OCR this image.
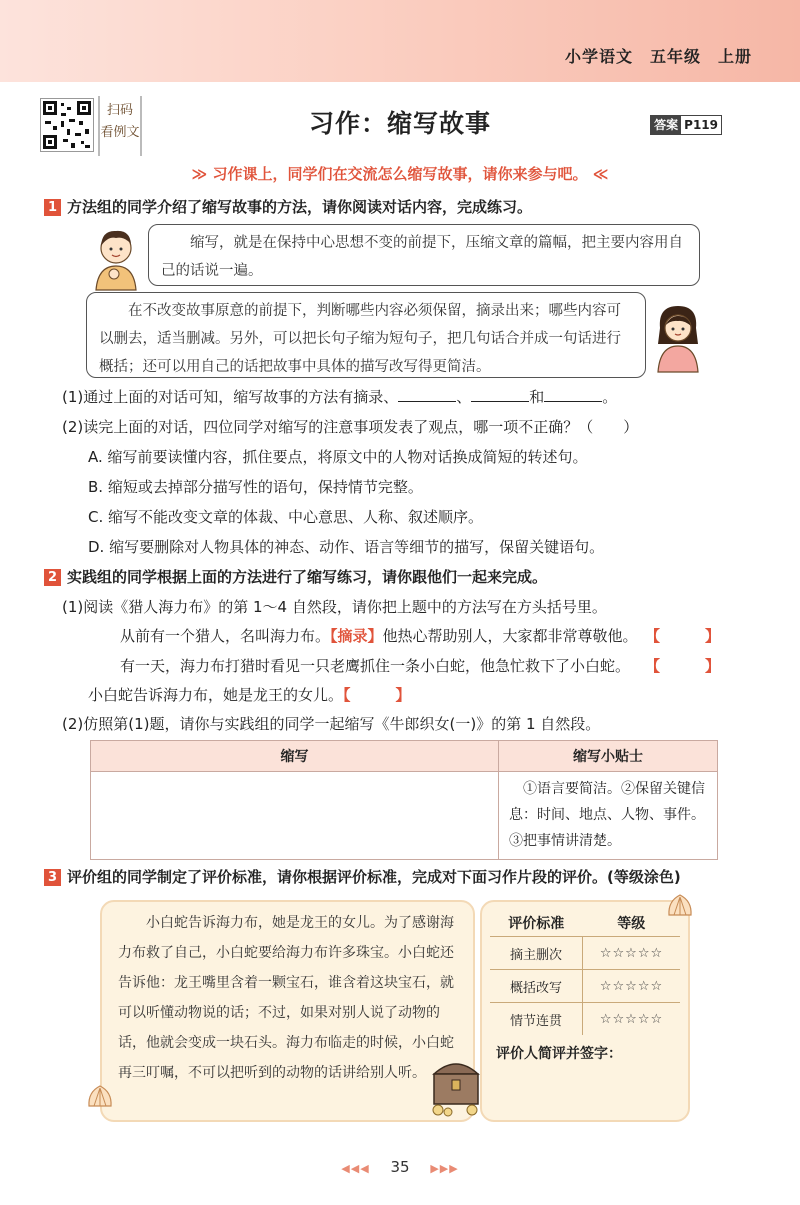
小学语文　五年级　上册
扫码
看例文	习作：缩写故事	答案 P119
≫ 习作课上，同学们在交流怎么缩写故事，请你来参与吧。 ≪
1 方法组的同学介绍了缩写故事的方法，请你阅读对话内容，完成练习。
　　缩写，就是在保持中心思想不变的前提下，压缩文章的篇幅，把主要内容用自己的话说一遍。
　　在不改变故事原意的前提下，判断哪些内容必须保留，摘录出来；哪些内容可以删去，适当删减。另外，可以把长句子缩为短句子，把几句话合并成一句话进行概括；还可以用自己的话把故事中具体的描写改写得更简洁。
(1)通过上面的对话可知，缩写故事的方法有摘录、	、	和	。
(2)读完上面的对话，四位同学对缩写的注意事项发表了观点，哪一项不正确？（　　）
A. 缩写前要读懂内容，抓住要点，将原文中的人物对话换成简短的转述句。
B. 缩短或去掉部分描写性的语句，保持情节完整。
C. 缩写不能改变文章的体裁、中心意思、人称、叙述顺序。
D. 缩写要删除对人物具体的神态、动作、语言等细节的描写，保留关键语句。
2 实践组的同学根据上面的方法进行了缩写练习，请你跟他们一起来完成。
(1)阅读《猎人海力布》的第 1～4 自然段，请你把上题中的方法写在方头括号里。
从前有一个猎人，名叫海力布。【摘录】他热心帮助别人，大家都非常尊敬他。 【　　　】
有一天，海力布打猎时看见一只老鹰抓住一条小白蛇，他急忙救下了小白蛇。 【　　　】
小白蛇告诉海力布，她是龙王的女儿。【　　　】
(2)仿照第(1)题，请你与实践组的同学一起缩写《牛郎织女(一)》的第 1 自然段。
缩写	缩写小贴士
	　①语言要简洁。②保留关键信息：时间、地点、人物、事件。③把事情讲清楚。
3 评价组的同学制定了评价标准，请你根据评价标准，完成对下面习作片段的评价。(等级涂色)
　　小白蛇告诉海力布，她是龙王的女儿。为了感谢海力布救了自己，小白蛇要给海力布许多珠宝。小白蛇还告诉他：龙王嘴里含着一颗宝石，谁含着这块宝石，就可以听懂动物说的话；不过，如果对别人说了动物的话，他就会变成一块石头。海力布临走的时候，小白蛇再三叮嘱，不可以把听到的动物的话讲给别人听。
评价标准	等级
摘主删次	☆☆☆☆☆
概括改写	☆☆☆☆☆
情节连贯	☆☆☆☆☆
评价人简评并签字：
◀◀◀ 35 ▶▶▶
